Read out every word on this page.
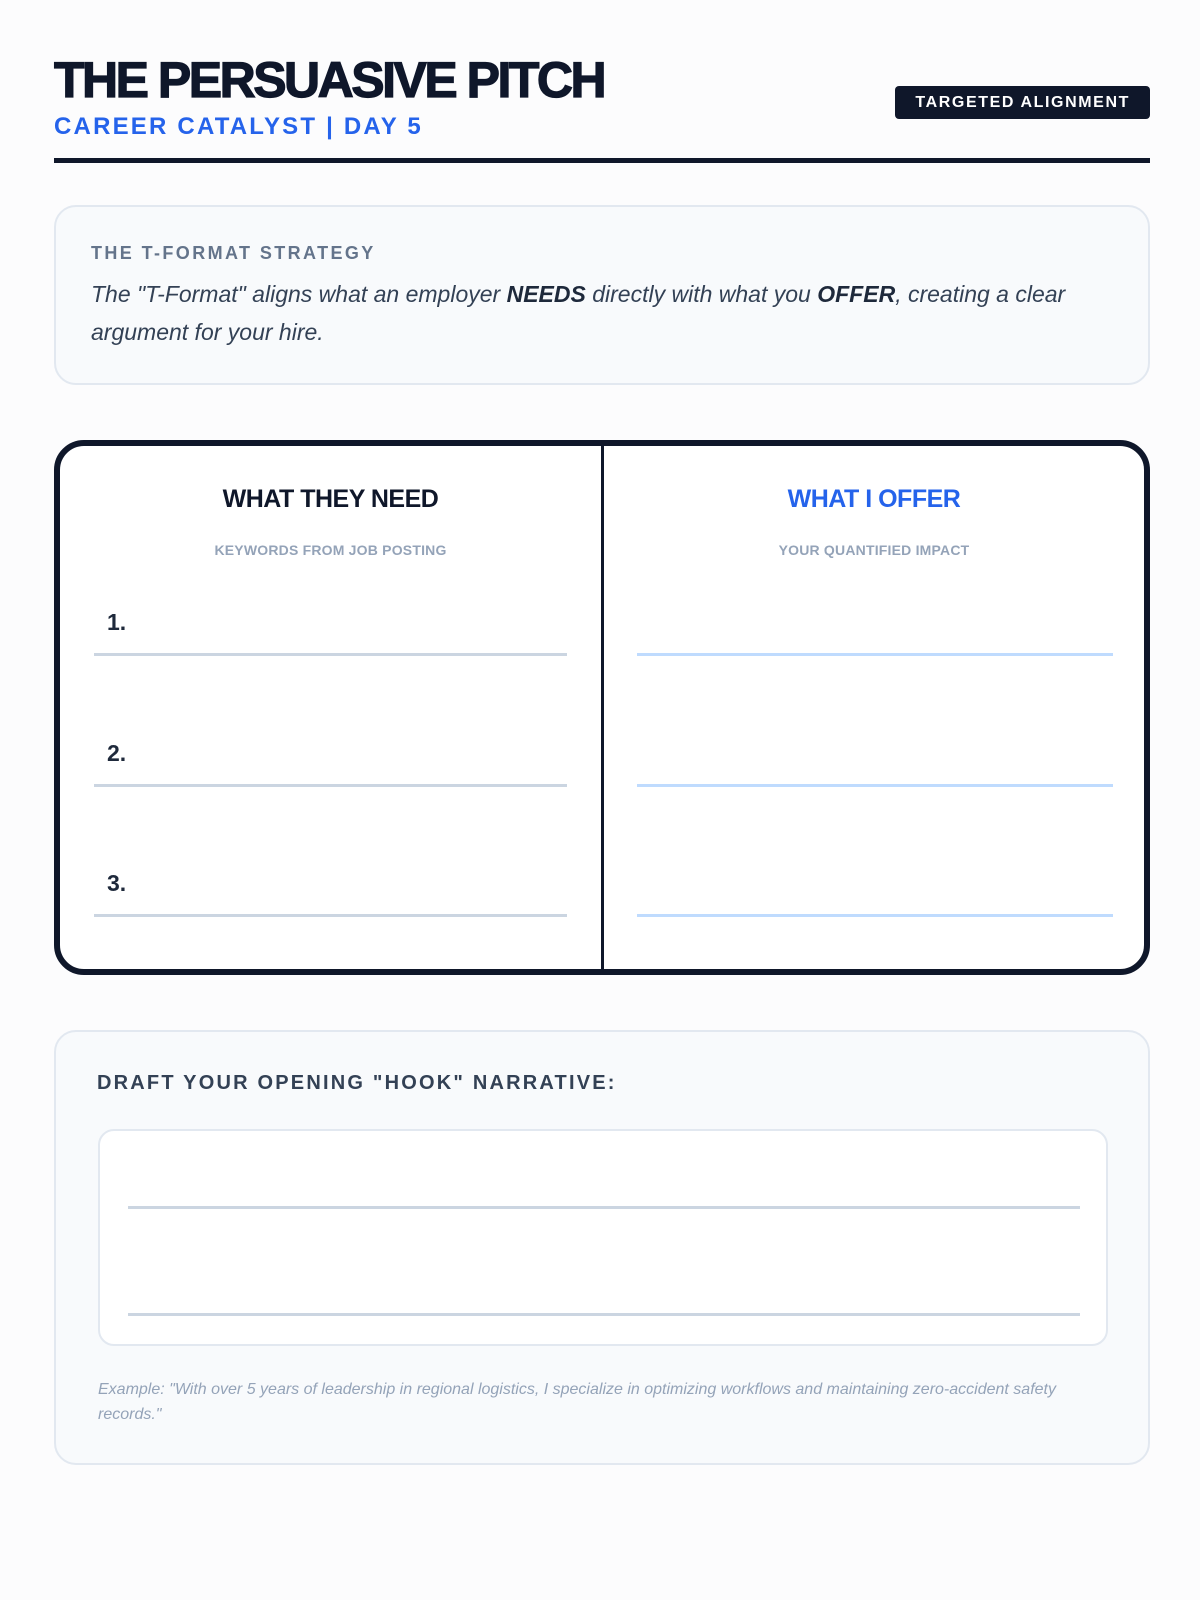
THE PERSUASIVE PITCH
CAREER CATALYST | DAY 5
TARGETED ALIGNMENT
THE T-FORMAT STRATEGY
The "T-Format" aligns what an employer NEEDS directly with what you OFFER, creating a clear argument for your hire.
WHAT THEY NEED
KEYWORDS FROM JOB POSTING
WHAT I OFFER
YOUR QUANTIFIED IMPACT
1.
2.
3.
DRAFT YOUR OPENING "HOOK" NARRATIVE:
Example: "With over 5 years of leadership in regional logistics, I specialize in optimizing workflows and maintaining zero-accident safety records."
